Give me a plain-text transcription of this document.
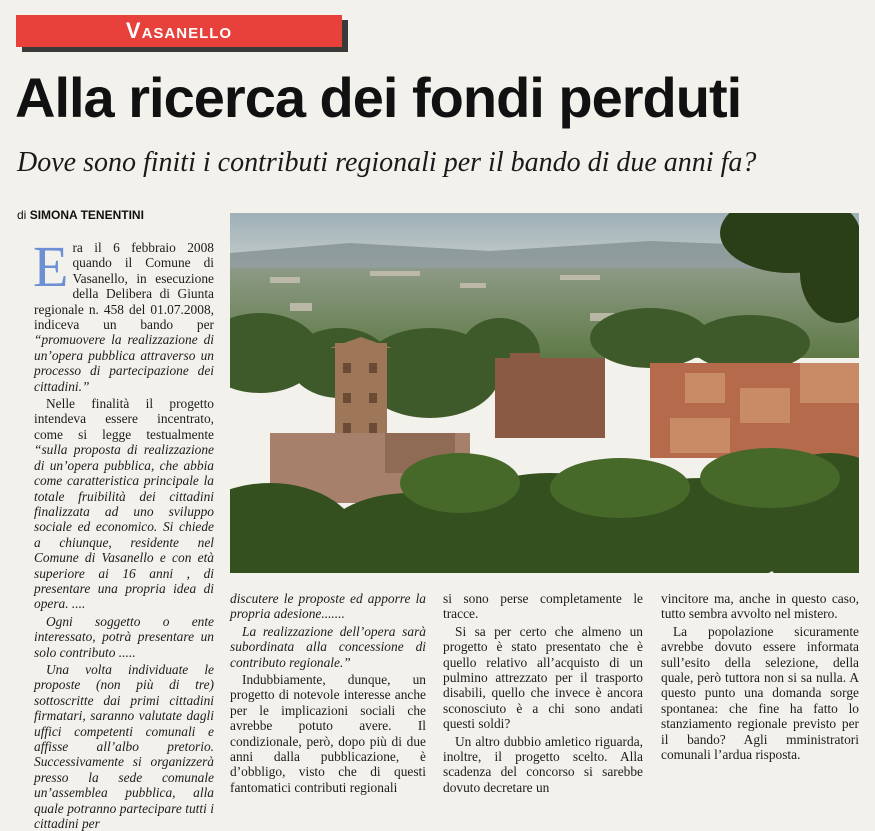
Vasanello
Alla ricerca dei fondi perduti
Dove sono finiti i contributi regionali per il bando di due anni fa?
di SIMONA TENENTINI

Era il 6 febbraio 2008 quando il Comune di Vasanello, in esecuzione della Delibera di Giunta regionale n. 458 del 01.07.2008, indiceva un bando per “promuovere la realizzazione di un’opera pubblica attraverso un processo di partecipazione dei cittadini.”

Nelle finalità il progetto intendeva essere incentrato, come si legge testualmente “sulla proposta di realizzazione di un’opera pubblica, che abbia come caratteristica principale la totale fruibilità dei cittadini finalizzata ad uno sviluppo sociale ed economico. Si chiede a chiunque, residente nel Comune di Vasanello e con età superiore ai 16 anni , di presentare una propria idea di opera. ....

Ogni soggetto o ente interessato, potrà presentare un solo contributo .....

Una volta individuate le proposte (non più di tre) sottoscritte dai primi cittadini firmatari, saranno valutate dagli uffici competenti comunali e affisse all’albo pretorio. Successivamente si organizzerà presso la sede comunale un’assemblea pubblica, alla quale potranno partecipare tutti i cittadini per

discutere le proposte ed apporre la propria adesione.......

La realizzazione dell’opera sarà subordinata alla concessione di contributo regionale.”

Indubbiamente, dunque, un progetto di notevole interesse anche per le implicazioni sociali che avrebbe potuto avere. Il condizionale, però, dopo più di due anni dalla pubblicazione, è d’obbligo, visto che di questi fantomatici contributi regionali

si sono perse completamente le tracce.

Si sa per certo che almeno un progetto è stato presentato che è quello relativo all’acquisto di un pulmino attrezzato per il trasporto disabili, quello che invece è ancora sconosciuto è a chi sono andati questi soldi?

Un altro dubbio amletico riguarda, inoltre, il progetto scelto. Alla scadenza del concorso si sarebbe dovuto decretare un

vincitore ma, anche in questo caso, tutto sembra avvolto nel mistero.

La popolazione sicuramente avrebbe dovuto essere informata sull’esito della selezione, della quale, però tuttora non si sa nulla. A questo punto una domanda sorge spontanea: che fine ha fatto lo stanziamento regionale previsto per il bando? Agli mministratori comunali l’ardua risposta.
